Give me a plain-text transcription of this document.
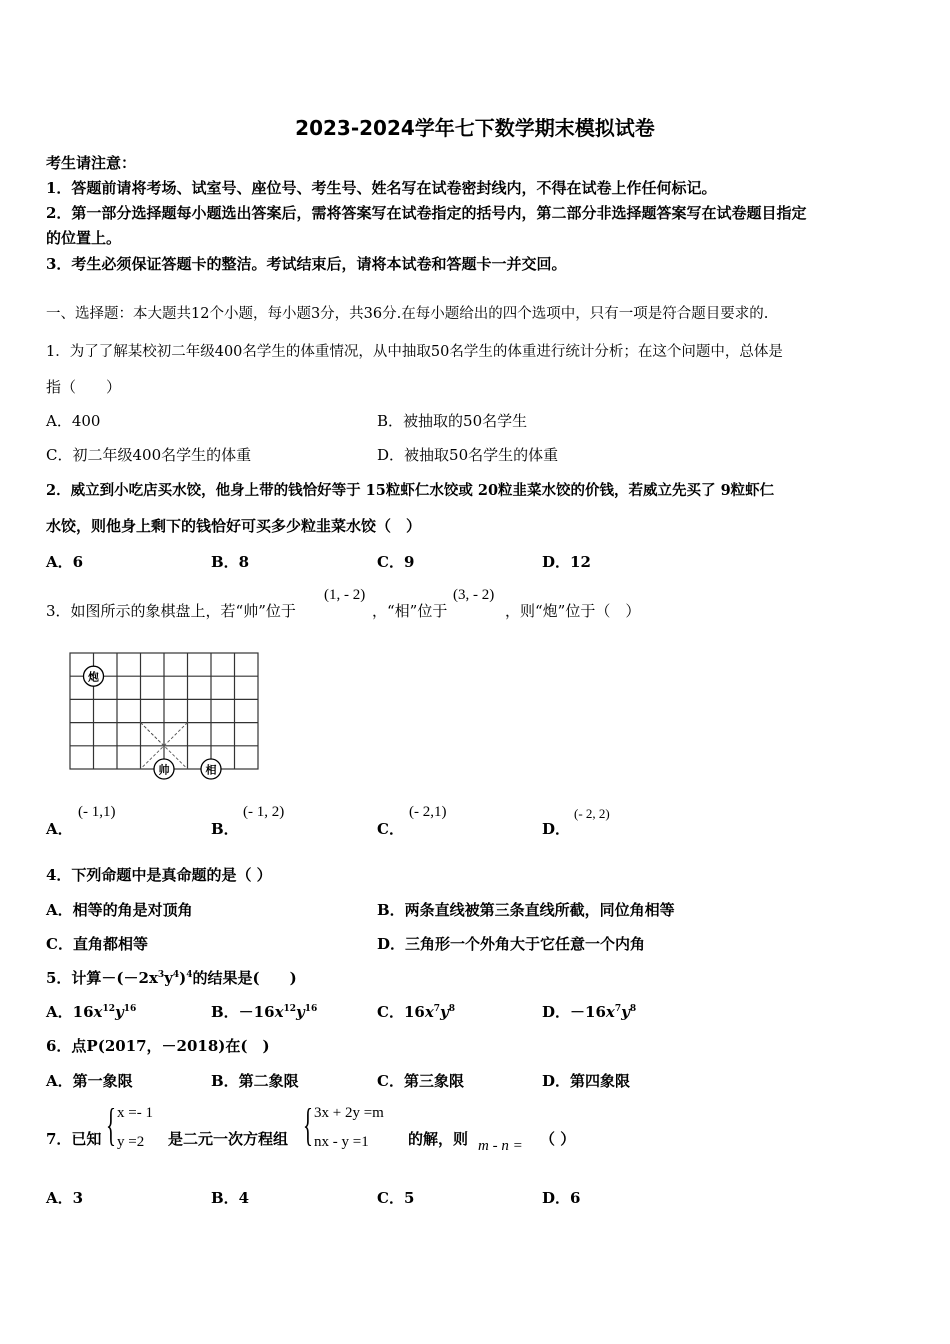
2023-2024学年七下数学期末模拟试卷
考生请注意：
1．答题前请将考场、试室号、座位号、考生号、姓名写在试卷密封线内，不得在试卷上作任何标记。
2．第一部分选择题每小题选出答案后，需将答案写在试卷指定的括号内，第二部分非选择题答案写在试卷题目指定
的位置上。
3．考生必须保证答题卡的整洁。考试结束后，请将本试卷和答题卡一并交回。
一、选择题：本大题共12个小题，每小题3分，共36分.在每小题给出的四个选项中，只有一项是符合题目要求的.
1．为了了解某校初二年级400名学生的体重情况，从中抽取50名学生的体重进行统计分析；在这个问题中，总体是
指（　　）
A．400	B．被抽取的50名学生
C．初二年级400名学生的体重	D．被抽取50名学生的体重
2．威立到小吃店买水饺，他身上带的钱恰好等于 15粒虾仁水饺或 20粒韭菜水饺的价钱，若威立先买了 9粒虾仁
水饺，则他身上剩下的钱恰好可买多少粒韭菜水饺（　）
A．6	B．8	C．9	D．12
3．如图所示的象棋盘上，若“帅”位于
(1, - 2)
，“相”位于
(3, - 2)
，则“炮”位于（　）
炮
帅	相
A．
(- 1,1)
B．
(- 1, 2)
C．
(- 2,1)
D．
(- 2, 2)
4．下列命题中是真命题的是（ ）
A．相等的角是对顶角	B．两条直线被第三条直线所截，同位角相等
C．直角都相等	D．三角形一个外角大于它任意一个内角
5．计算$-(-2x^3y^4)^4$的结果是(　　)
A．$16x^{12}y^{16}$	B．$-16x^{12}y^{16}$	C．$16x^7y^8$	D．$-16x^7y^8$
6．点P(2017，－2018)在(　)
A．第一象限	B．第二象限	C．第三象限	D．第四象限
7．已知 { x =- 1
y =2 是二元一次方程组 { 3x + 2y =m
nx - y =1	的解，则 m - n = （ ）
A．3	B．4	C．5	D．6
